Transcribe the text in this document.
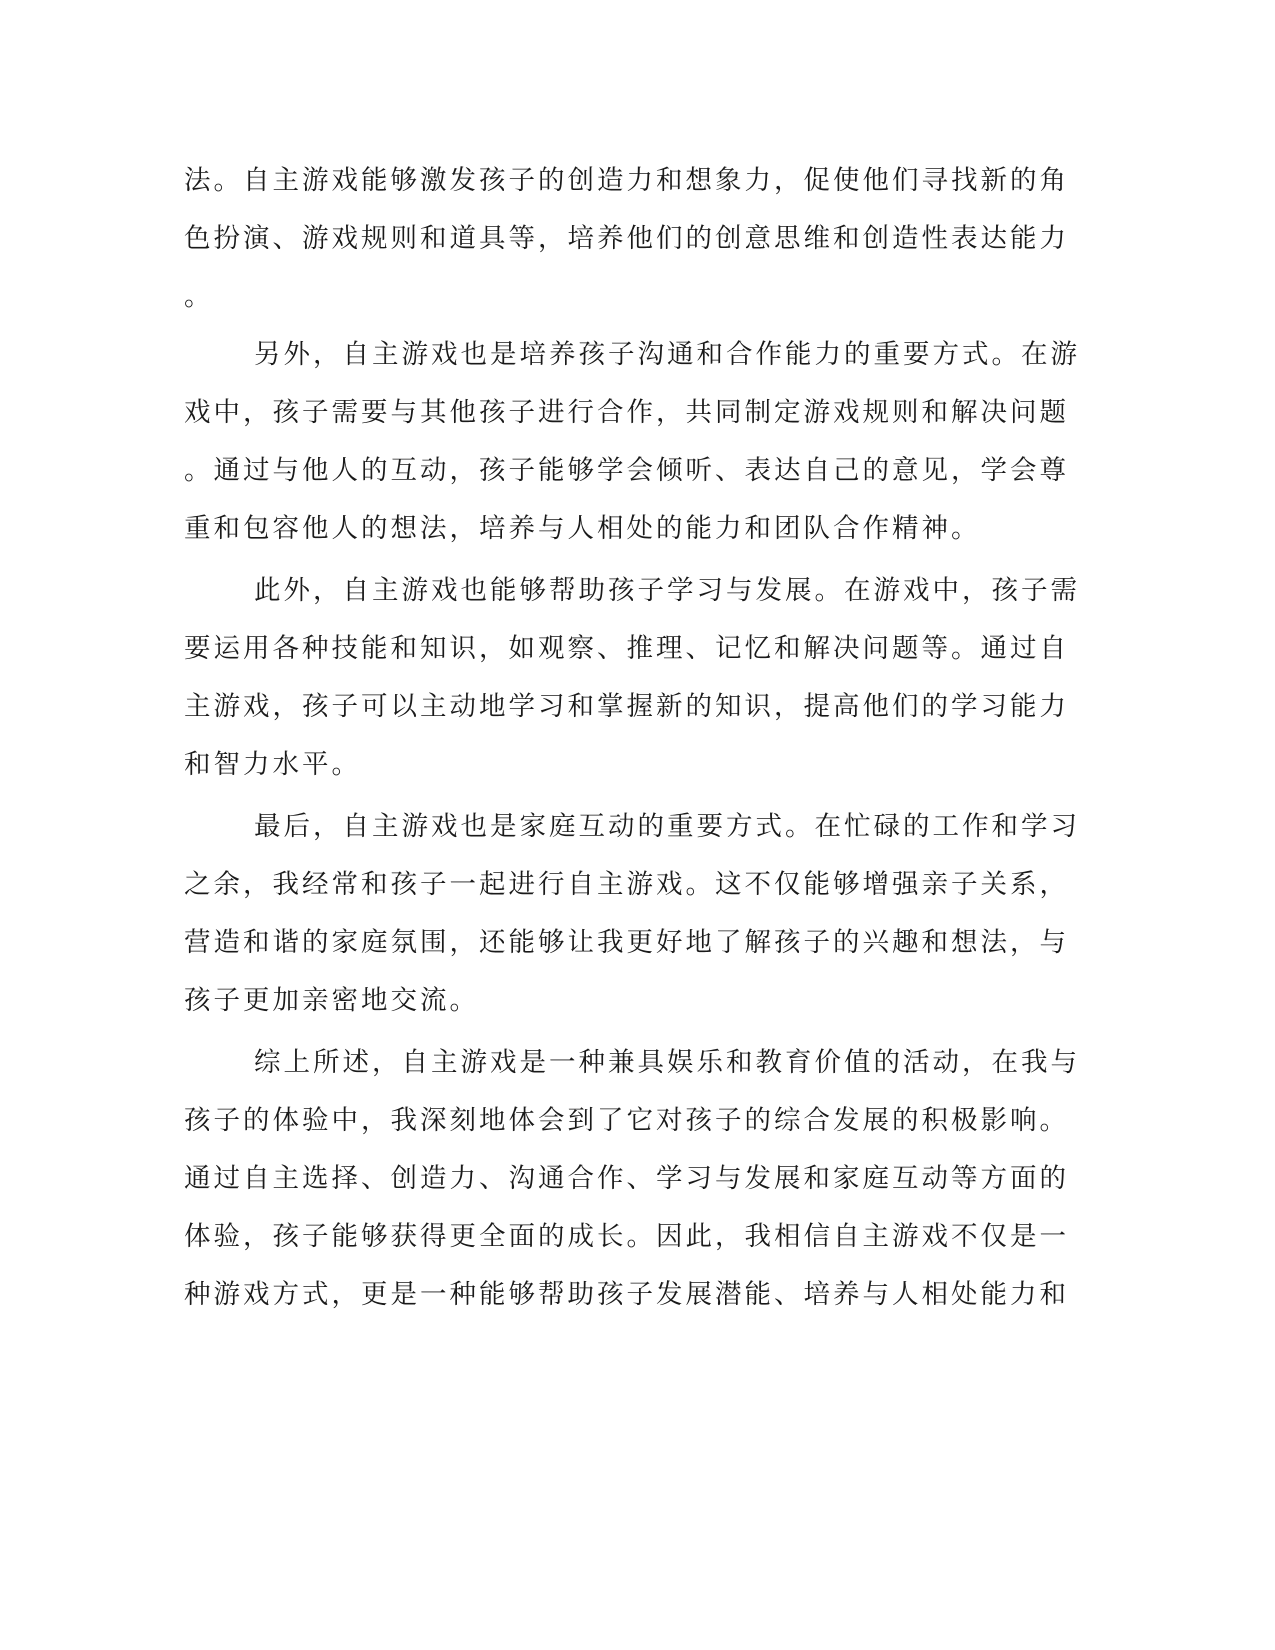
法。自主游戏能够激发孩子的创造力和想象力，促使他们寻找新的角
色扮演、游戏规则和道具等，培养他们的创意思维和创造性表达能力
。
另外，自主游戏也是培养孩子沟通和合作能力的重要方式。在游
戏中，孩子需要与其他孩子进行合作，共同制定游戏规则和解决问题
。通过与他人的互动，孩子能够学会倾听、表达自己的意见，学会尊
重和包容他人的想法，培养与人相处的能力和团队合作精神。
此外，自主游戏也能够帮助孩子学习与发展。在游戏中，孩子需
要运用各种技能和知识，如观察、推理、记忆和解决问题等。通过自
主游戏，孩子可以主动地学习和掌握新的知识，提高他们的学习能力
和智力水平。
最后，自主游戏也是家庭互动的重要方式。在忙碌的工作和学习
之余，我经常和孩子一起进行自主游戏。这不仅能够增强亲子关系，
营造和谐的家庭氛围，还能够让我更好地了解孩子的兴趣和想法，与
孩子更加亲密地交流。
综上所述，自主游戏是一种兼具娱乐和教育价值的活动，在我与
孩子的体验中，我深刻地体会到了它对孩子的综合发展的积极影响。
通过自主选择、创造力、沟通合作、学习与发展和家庭互动等方面的
体验，孩子能够获得更全面的成长。因此，我相信自主游戏不仅是一
种游戏方式，更是一种能够帮助孩子发展潜能、培养与人相处能力和
